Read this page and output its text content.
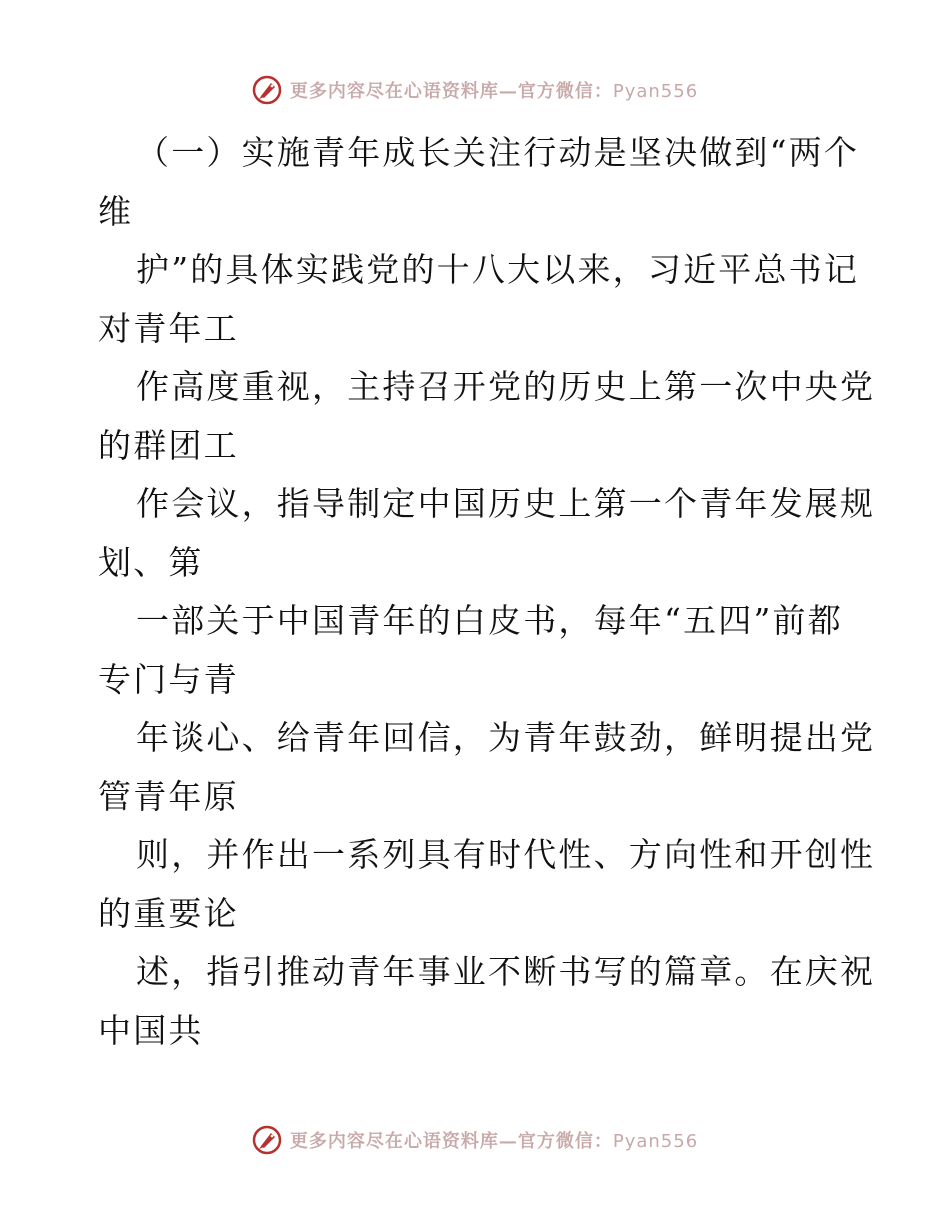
更多内容尽在心语资料库—官方微信：Pyan556
（一）实施青年成长关注行动是坚决做到“两个
维
护”的具体实践党的十八大以来，习近平总书记
对青年工
作高度重视，主持召开党的历史上第一次中央党
的群团工
作会议，指导制定中国历史上第一个青年发展规
划、第
一部关于中国青年的白皮书，每年“五四”前都
专门与青
年谈心、给青年回信，为青年鼓劲，鲜明提出党
管青年原
则，并作出一系列具有时代性、方向性和开创性
的重要论
述，指引推动青年事业不断书写的篇章。在庆祝
中国共
更多内容尽在心语资料库—官方微信：Pyan556
